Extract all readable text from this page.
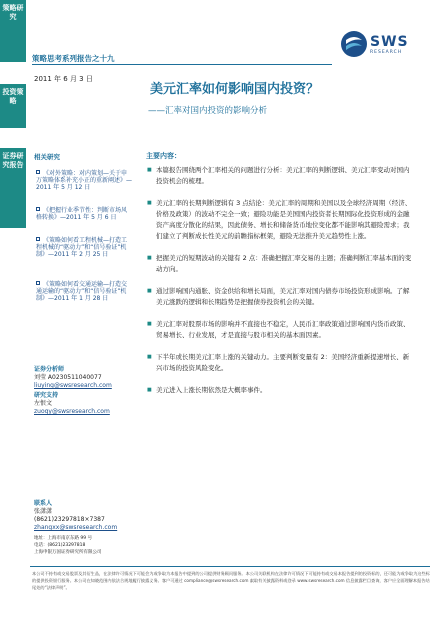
策略研究
投资策略
证券研究报告
策略思考系列报告之十九
2011 年 6 月 3 日
SWS
RESEARCH
美元汇率如何影响国内投资？
——汇率对国内投资的影响分析
相关研究
《对外策略：对内策划—关于申万策略体系补充小正的重新阐述》—2011 年 5 月 12 日
《把握行业季节性：判断市场风格转换》—2011 年 5 月 6 日
《策略如何看工程机械—打造工程机械的“驱动力”和“信号验证”机制》—2011 年 2 月 25 日
《策略如何看交通运输—打造交通运输的“驱动力”和“信号验证”机制》—2011 年 1 月 28 日
证券分析师
刘莹 A0230511040077
liuying@swsresearch.com
研究支持
左恨文
zuoqy@swsresearch.com
联系人
张潇潇
(8621)23297818×7387
zhangxx@swsresearch.com
地址：上海市南京东路 99 号
电话：(8621)23297818
上海申银万国证券研究所有限公司
主要内容：
■ 本篇报告围绕两个汇率相关的问题进行分析：美元汇率的判断逻辑、美元汇率变动对国内投资机会的梳理。
■ 美元汇率的长期判断逻辑有 3 点结论：美元汇率的周期和美国以及全球经济周期（经济、价格及政策）的波动不完全一致；避险功能是美国国内投资者长期国际化投资形成的金融资产高度分散化的结果，因此债务、增长和储备货币地位变化都不能影响其避险需求；我们建立了判断成长性美元的前瞻指标框架，避险无法推升美元趋势性上涨。
■ 把握美元的短期波动的关键有 2 点：准确把握汇率交易的主题；准确判断汇率基本面的变动方向。
■ 通过影响国内通胀、资金供给和增长局面，美元汇率对国内债券市场投资形成影响。了解美元涨跌的逻辑和长期趋势是把握债券投资机会的关键。
■ 美元汇率对股票市场的影响并不直接也不稳定，人民币汇率政策通过影响国内货币政策、贸易增长、行业发展，才是直接与股市相关的基本面因素。
■ 下半年或长期美元汇率上涨的关键动力。主要判断变量有 2：美国经济重新提速增长、新兴市场的投资风险变化。
■ 美元进入上涨长期依然是大概率事件。
本公司不持有或交易股票及其衍生品，在法律许可情况下可能会为或争取为本报告中提到的公司提供财务顾问服务。本公司关联机构在法律许可情况下可能持有或交易本报告提到的投资标的，还可能为或争取为这些标的提供投资银行服务。本公司在知晓范围内依法合规地履行披露义务。客户可通过 compliance@swsresearch.com 索取有关披露资料或登录 www.swsresearch.com 信息披露栏目查询，客户应全面理解本报告结尾处的“法律声明”。
